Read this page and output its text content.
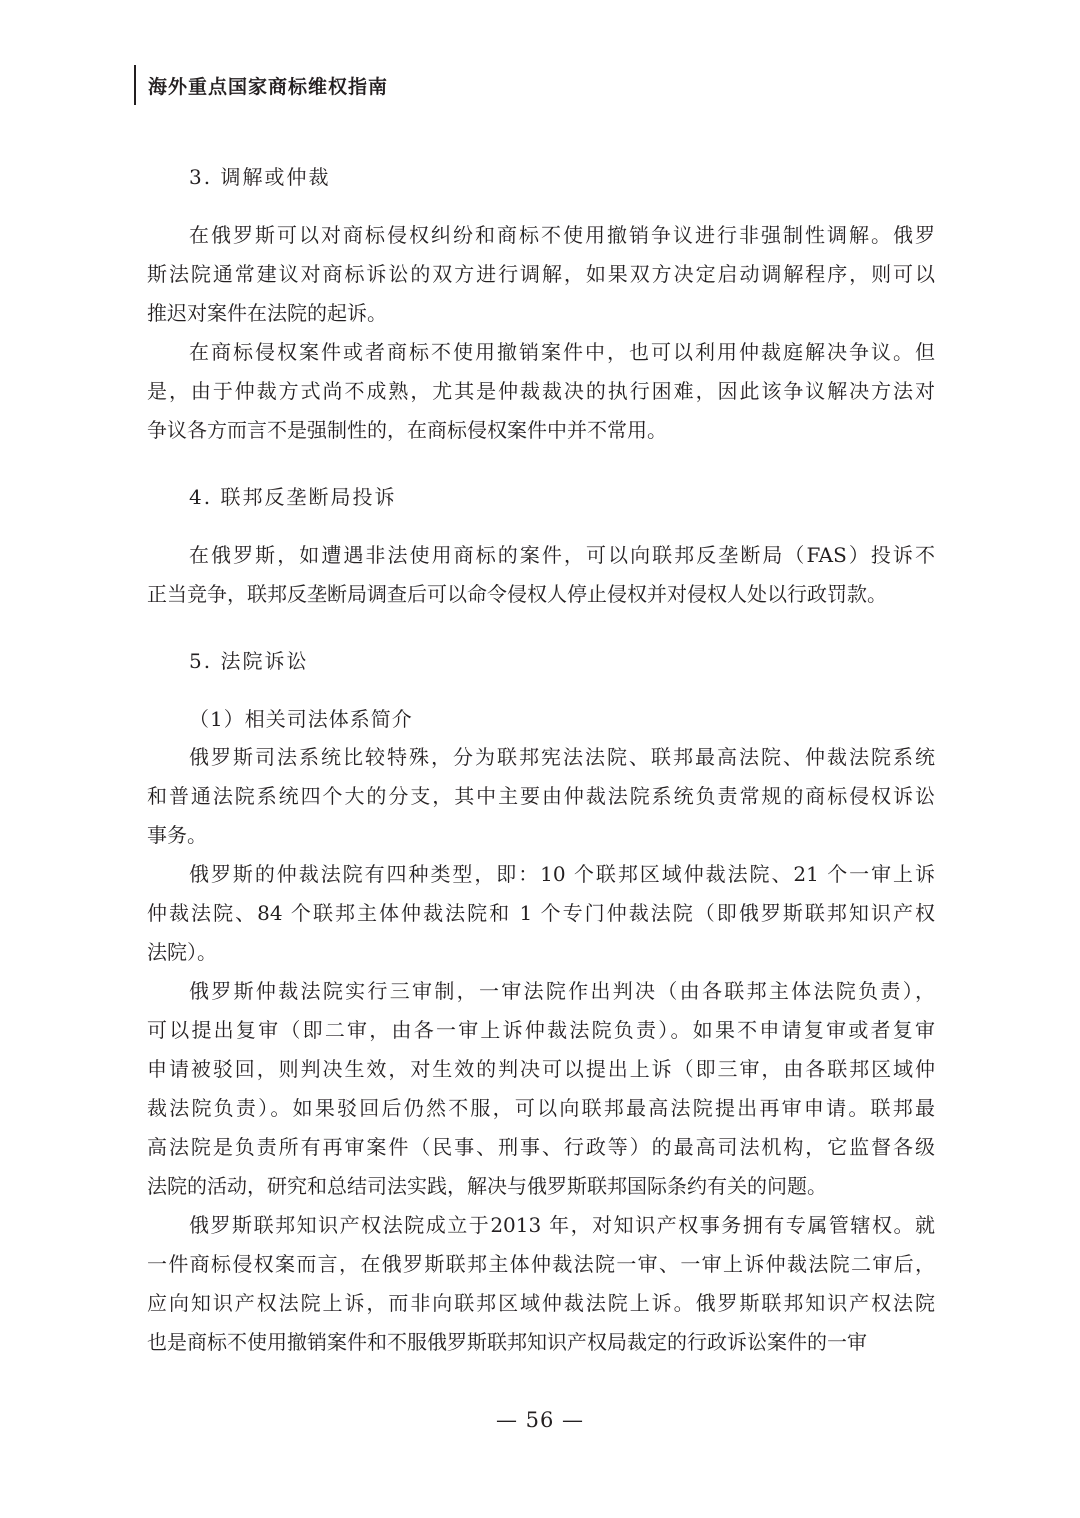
海外重点国家商标维权指南
3. 调解或仲裁
在俄罗斯可以对商标侵权纠纷和商标不使用撤销争议进行非强制性调解。俄罗
斯法院通常建议对商标诉讼的双方进行调解，如果双方决定启动调解程序，则可以
推迟对案件在法院的起诉。
在商标侵权案件或者商标不使用撤销案件中，也可以利用仲裁庭解决争议。但
是，由于仲裁方式尚不成熟，尤其是仲裁裁决的执行困难，因此该争议解决方法对
争议各方而言不是强制性的，在商标侵权案件中并不常用。
4. 联邦反垄断局投诉
在俄罗斯，如遭遇非法使用商标的案件，可以向联邦反垄断局（FAS）投诉不
正当竞争，联邦反垄断局调查后可以命令侵权人停止侵权并对侵权人处以行政罚款。
5. 法院诉讼
（1）相关司法体系简介
俄罗斯司法系统比较特殊，分为联邦宪法法院、联邦最高法院、仲裁法院系统
和普通法院系统四个大的分支，其中主要由仲裁法院系统负责常规的商标侵权诉讼
事务。
俄罗斯的仲裁法院有四种类型，即：10 个联邦区域仲裁法院、21 个一审上诉
仲裁法院、84 个联邦主体仲裁法院和 1 个专门仲裁法院（即俄罗斯联邦知识产权
法院）。
俄罗斯仲裁法院实行三审制，一审法院作出判决（由各联邦主体法院负责），
可以提出复审（即二审，由各一审上诉仲裁法院负责）。如果不申请复审或者复审
申请被驳回，则判决生效，对生效的判决可以提出上诉（即三审，由各联邦区域仲
裁法院负责）。如果驳回后仍然不服，可以向联邦最高法院提出再审申请。联邦最
高法院是负责所有再审案件（民事、刑事、行政等）的最高司法机构，它监督各级
法院的活动，研究和总结司法实践，解决与俄罗斯联邦国际条约有关的问题。
俄罗斯联邦知识产权法院成立于2013 年，对知识产权事务拥有专属管辖权。就
一件商标侵权案而言，在俄罗斯联邦主体仲裁法院一审、一审上诉仲裁法院二审后，
应向知识产权法院上诉，而非向联邦区域仲裁法院上诉。俄罗斯联邦知识产权法院
也是商标不使用撤销案件和不服俄罗斯联邦知识产权局裁定的行政诉讼案件的一审
— 56 —
